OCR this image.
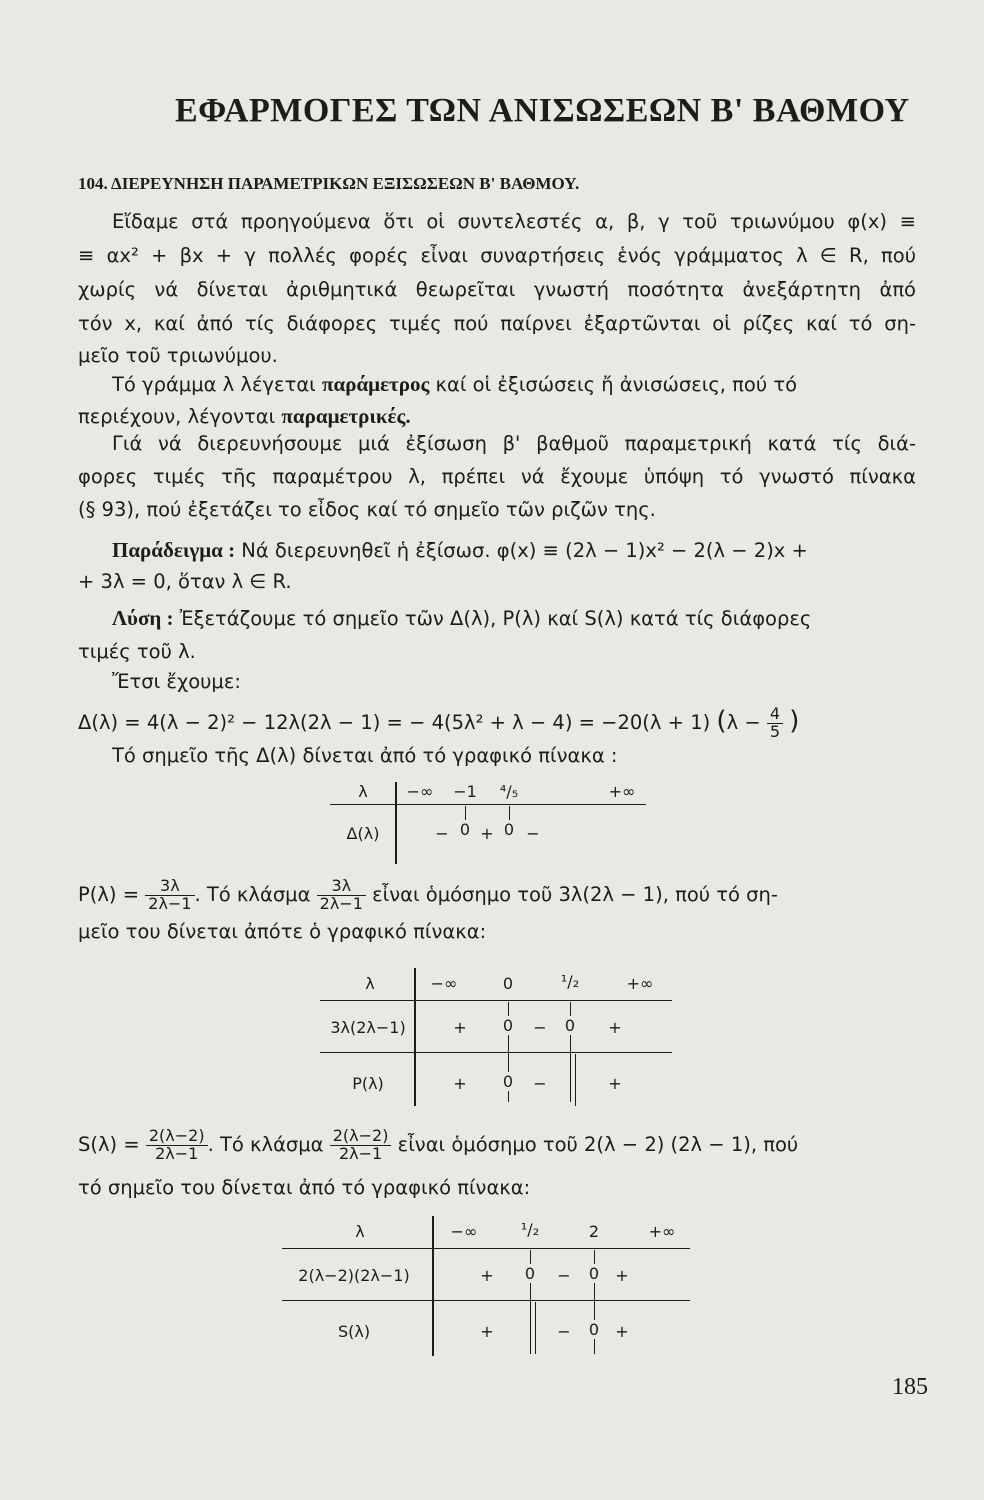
ΕΦΑΡΜΟΓΕΣ ΤΩΝ ΑΝΙΣΩΣΕΩΝ Β' ΒΑΘΜΟΥ
104. ΔΙΕΡΕΥΝΗΣΗ ΠΑΡΑΜΕΤΡΙΚΩΝ ΕΞΙΣΩΣΕΩΝ Β' ΒΑΘΜΟΥ.
Εἴδαμε στά προηγούμενα ὅτι οἱ συντελεστές α, β, γ τοῦ τριωνύμου φ(x) ≡
≡ αx² + βx + γ πολλές φορές εἶναι συναρτήσεις ἑνός γράμματος λ ∈ R, πού
χωρίς νά δίνεται ἀριθμητικά θεωρεῖται γνωστή ποσότητα ἀνεξάρτητη ἀπό
τόν x, καί ἀπό τίς διάφορες τιμές πού παίρνει ἐξαρτῶνται οἱ ρίζες καί τό ση-
μεῖο τοῦ τριωνύμου.
Τό γράμμα λ λέγεται παράμετρος καί οἱ ἐξισώσεις ἤ ἀνισώσεις, πού τό
περιέχουν, λέγονται παραμετρικές.
Γιά νά διερευνήσουμε μιά ἐξίσωση β' βαθμοῦ παραμετρική κατά τίς διά-
φορες τιμές τῆς παραμέτρου λ, πρέπει νά ἔχουμε ὑπόψη τό γνωστό πίνακα
(§ 93), πού ἐξετάζει το εἶδος καί τό σημεῖο τῶν ριζῶν της.
Παράδειγμα : Νά διερευνηθεῖ ἡ ἐξίσωσ. φ(x) ≡ (2λ − 1)x² − 2(λ − 2)x +
+ 3λ = 0, ὅταν λ ∈ R.
Λύση : Ἐξετάζουμε τό σημεῖο τῶν Δ(λ), P(λ) καί S(λ) κατά τίς διάφορες
τιμές τοῦ λ.
Ἔτσι ἔχουμε:
Δ(λ) = 4(λ − 2)² − 12λ(2λ − 1) = − 4(5λ² + λ − 4) = −20(λ + 1) ($\lambda - \frac{4}{5}$ )
Τό σημεῖο τῆς Δ(λ) δίνεται ἀπό τό γραφικό πίνακα :
λ −∞ −1 ⁴/₅	+∞
Δ(λ)	− 0 + 0 −
$P(\lambda) = \frac{3\lambda}{2\lambda-1}$ . Τό κλάσμα $\frac{3\lambda}{2\lambda-1}$ εἶναι ὁμόσημο τοῦ 3λ(2λ − 1), πού τό ση-
μεῖο του δίνεται ἀπότε ὁ γραφικό πίνακα:
λ	−∞	0	¹/₂	+∞
3λ(2λ−1)	+ 0 − 0 +
P(λ)	+ 0 −	+
$S(\lambda) = \frac{2(\lambda-2)}{2\lambda-1}$ . Τό κλάσμα $\frac{2(\lambda-2)}{2\lambda-1}$ εἶναι ὁμόσημο τοῦ 2(λ − 2) (2λ − 1), πού
τό σημεῖο του δίνεται ἀπό τό γραφικό πίνακα:
λ	−∞	¹/₂	2	+∞
2(λ−2)(2λ−1)	+ 0 − 0 +
S(λ)	+	− 0 +
185
